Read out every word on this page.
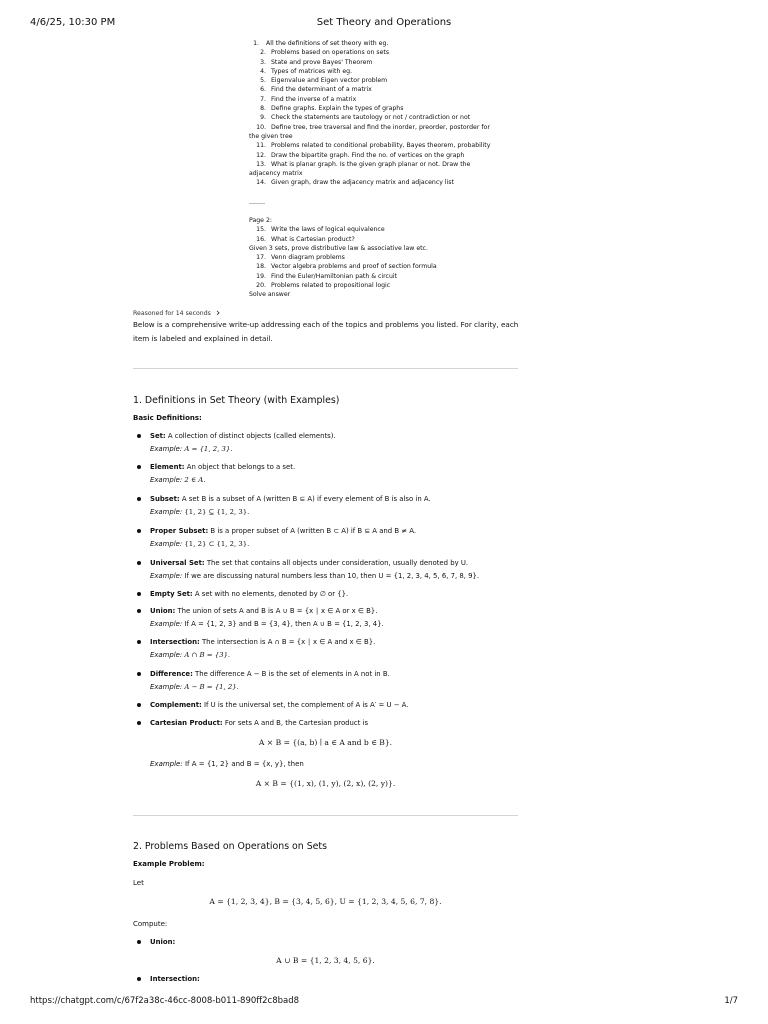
4/6/25, 10:30 PM	Set Theory and Operations
1. All the definitions of set theory with eg.
2. Problems based on operations on sets
3. State and prove Bayes' Theorem
4. Types of matrices with eg.
5. Eigenvalue and Eigen vector problem
6. Find the determinant of a matrix
7. Find the inverse of a matrix
8. Define graphs. Explain the types of graphs
9. Check the statements are tautology or not / contradiction or not
10. Define tree, tree traversal and find the inorder, preorder, postorder for
the given tree
11. Problems related to conditional probability, Bayes theorem, probability
12. Draw the bipartite graph. Find the no. of vertices on the graph
13. What is planar graph. Is the given graph planar or not. Draw the
adjacency matrix
14. Given graph, draw the adjacency matrix and adjacency list
Page 2:
15. Write the laws of logical equivalence
16. What is Cartesian product?
Given 3 sets, prove distributive law & associative law etc.
17. Venn diagram problems
18. Vector algebra problems and proof of section formula
19. Find the Euler/Hamiltonian path & circuit
20. Problems related to propositional logic
Solve answer
Reasoned for 14 seconds ›
Below is a comprehensive write-up addressing each of the topics and problems you listed. For clarity, each item is labeled and explained in detail.
1. Definitions in Set Theory (with Examples)
Basic Definitions:
Set: A collection of distinct objects (called elements).
Example: A = {1, 2, 3}.
Element: An object that belongs to a set.
Example: 2 ∈ A.
Subset: A set B is a subset of A (written B ⊆ A) if every element of B is also in A.
Example: {1, 2} ⊆ {1, 2, 3}.
Proper Subset: B is a proper subset of A (written B ⊂ A) if B ⊆ A and B ≠ A.
Example: {1, 2} ⊂ {1, 2, 3}.
Universal Set: The set that contains all objects under consideration, usually denoted by U.
Example: If we are discussing natural numbers less than 10, then U = {1, 2, 3, 4, 5, 6, 7, 8, 9}.
Empty Set: A set with no elements, denoted by ∅ or {}.
Union: The union of sets A and B is A ∪ B = {x ∣ x ∈ A or x ∈ B}.
Example: If A = {1, 2, 3} and B = {3, 4}, then A ∪ B = {1, 2, 3, 4}.
Intersection: The intersection is A ∩ B = {x ∣ x ∈ A and x ∈ B}.
Example: A ∩ B = {3}.
Difference: The difference A − B is the set of elements in A not in B.
Example: A − B = {1, 2}.
Complement: If U is the universal set, the complement of A is A′ = U − A.
Cartesian Product: For sets A and B, the Cartesian product is
A × B = {(a, b) ∣ a ∈ A and b ∈ B}.
Example: If A = {1, 2} and B = {x, y}, then
A × B = {(1, x), (1, y), (2, x), (2, y)}.
2. Problems Based on Operations on Sets
Example Problem:
Let
A = {1, 2, 3, 4}, B = {3, 4, 5, 6}, U = {1, 2, 3, 4, 5, 6, 7, 8}.
Compute:
Union:
A ∪ B = {1, 2, 3, 4, 5, 6}.
Intersection:
https://chatgpt.com/c/67f2a38c-46cc-8008-b011-890ff2c8bad8	1/7
